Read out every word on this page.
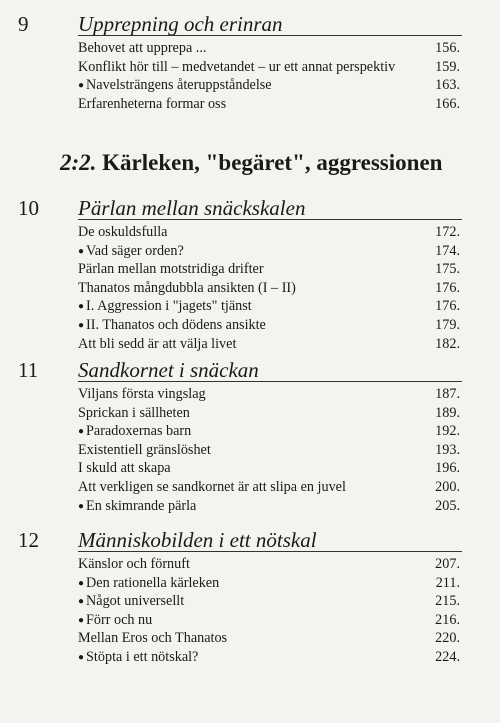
9 Upprepning och erinran
Behovet att upprepa ...	156.
Konflikt hör till – medvetandet – ur ett annat perspektiv	159.
● Navelsträngens återuppståndelse	163.
Erfarenheterna formar oss	166.
2:2. Kärleken, "begäret", aggressionen
10 Pärlan mellan snäckskalen
De oskuldsfulla	172.
● Vad säger orden?	174.
Pärlan mellan motstridiga drifter	175.
Thanatos mångdubbla ansikten (I – II)	176.
● I. Aggression i "jagets" tjänst	176.
● II. Thanatos och dödens ansikte	179.
Att bli sedd är att välja livet	182.
11 Sandkornet i snäckan
Viljans första vingslag	187.
Sprickan i sällheten	189.
● Paradoxernas barn	192.
Existentiell gränslöshet	193.
I skuld att skapa	196.
Att verkligen se sandkornet är att slipa en juvel	200.
● En skimrande pärla	205.
12 Människobilden i ett nötskal
Känslor och förnuft	207.
● Den rationella kärleken	211.
● Något universellt	215.
● Förr och nu	216.
Mellan Eros och Thanatos	220.
● Stöpta i ett nötskal?	224.
